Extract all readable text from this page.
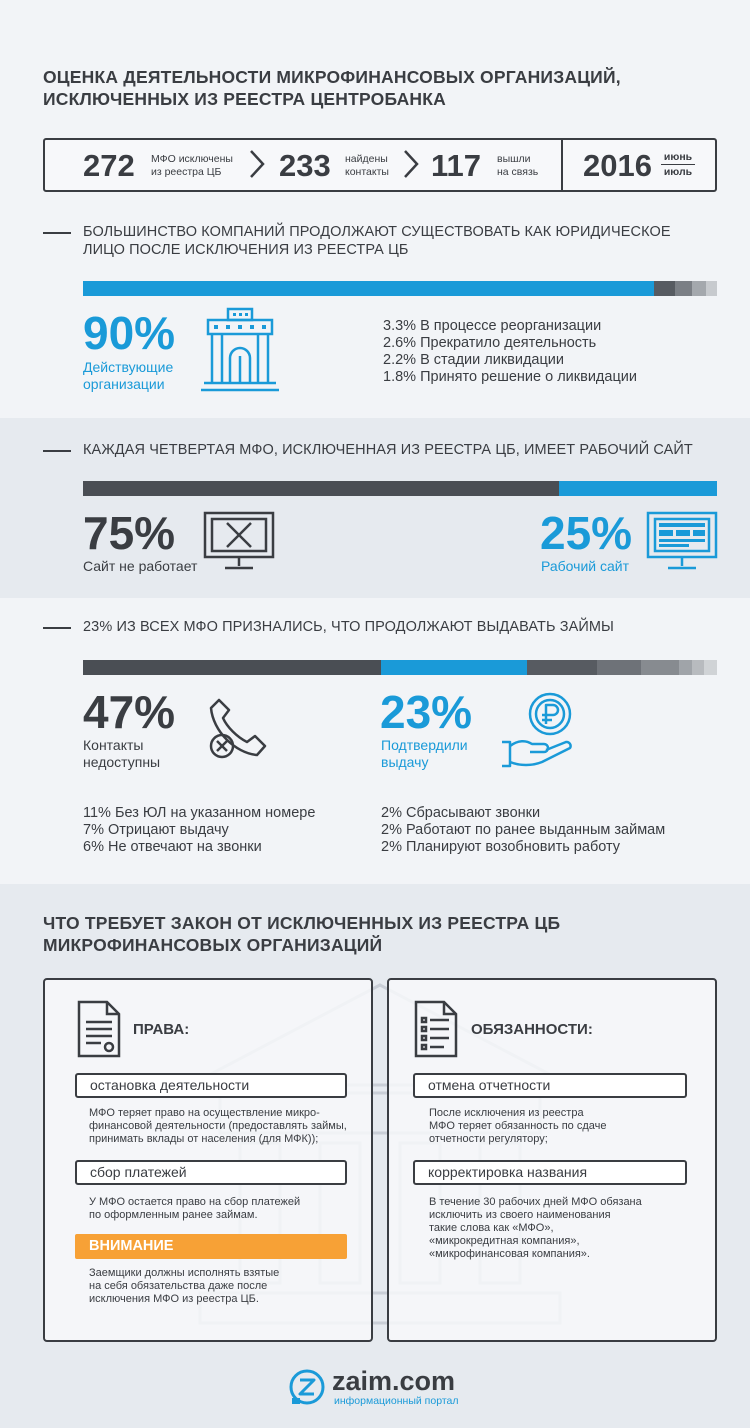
ОЦЕНКА ДЕЯТЕЛЬНОСТИ МИКРОФИНАНСОВЫХ ОРГАНИЗАЦИЙ,
ИСКЛЮЧЕННЫХ ИЗ РЕЕСТРА ЦЕНТРОБАНКА
272 МФО исключены
из реестра ЦБ	233 найдены
контакты 117 вышли
на связь 2016 июнь
июль
БОЛЬШИНСТВО КОМПАНИЙ ПРОДОЛЖАЮТ СУЩЕСТВОВАТЬ КАК ЮРИДИЧЕСКОЕ
ЛИЦО ПОСЛЕ ИСКЛЮЧЕНИЯ ИЗ РЕЕСТРА ЦБ
90%
Действующие
организации
3.3% В процессе реорганизации
2.6% Прекратило деятельность
2.2% В стадии ликвидации
1.8% Принято решение о ликвидации
КАЖДАЯ ЧЕТВЕРТАЯ МФО, ИСКЛЮЧЕННАЯ ИЗ РЕЕСТРА ЦБ, ИМЕЕТ РАБОЧИЙ САЙТ
75%
Сайт не работает
25%
Рабочий сайт
23% ИЗ ВСЕХ МФО ПРИЗНАЛИСЬ, ЧТО ПРОДОЛЖАЮТ ВЫДАВАТЬ ЗАЙМЫ
47%
Контакты
недоступны
23%
Подтвердили
выдачу
11% Без ЮЛ на указанном номере
7% Отрицают выдачу
6% Не отвечают на звонки
2% Сбрасывают звонки
2% Работают по ранее выданным займам
2% Планируют возобновить работу
ЧТО ТРЕБУЕТ ЗАКОН ОТ ИСКЛЮЧЕННЫХ ИЗ РЕЕСТРА ЦБ
МИКРОФИНАНСОВЫХ ОРГАНИЗАЦИЙ
ПРАВА:
остановка деятельности
МФО теряет право на осуществление микро-
финансовой деятельности (предоставлять займы,
принимать вклады от населения (для МФК));
сбор платежей
У МФО остается право на сбор платежей
по оформленным ранее займам.
ВНИМАНИЕ
Заемщики должны исполнять взятые
на себя обязательства даже после
исключения МФО из реестра ЦБ.
ОБЯЗАННОСТИ:
отмена отчетности
После исключения из реестра
МФО теряет обязанность по сдаче
отчетности регулятору;
корректировка названия
В течение 30 рабочих дней МФО обязана
исключить из своего наименования
такие слова как «МФО»,
«микрокредитная компания»,
«микрофинансовая компания».
zaim.com
информационный портал
